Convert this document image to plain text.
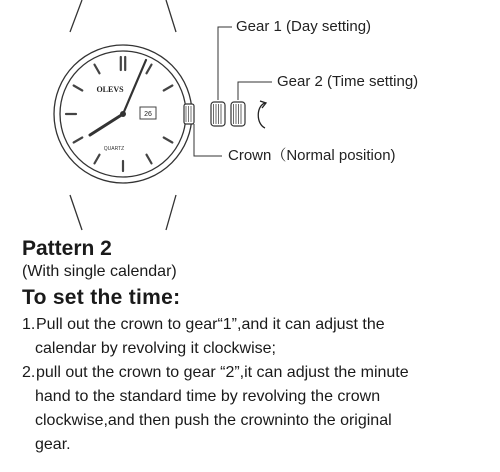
OLEVS
26
QUARTZ
Gear 1 (Day setting)
Gear 2 (Time setting)
Crown（Normal position)
Pattern 2
(With single calendar)
To set the time:
1.Pull out the crown to gear“1”,and it can adjust the
calendar by revolving it clockwise;
2.pull out the crown to gear “2”,it can adjust the minute
hand to the standard time by revolving the crown
clockwise,and then push the crowninto the original
gear.
